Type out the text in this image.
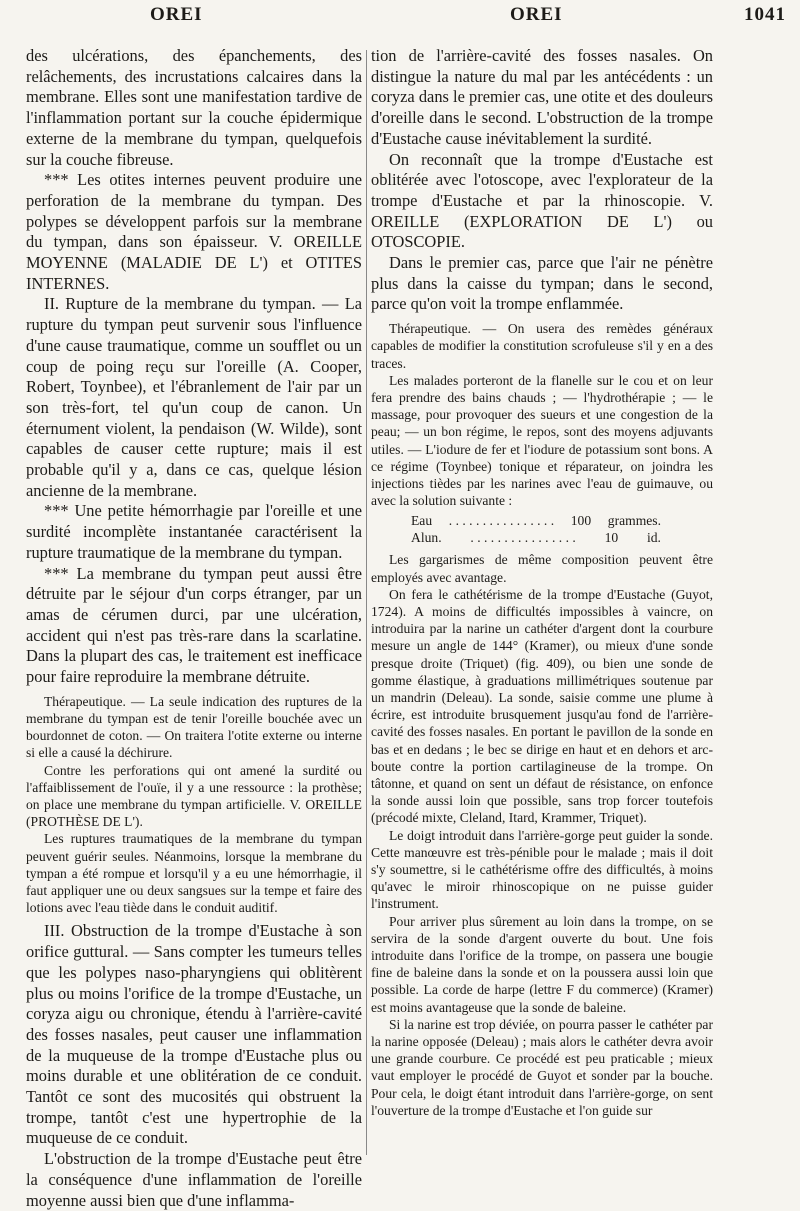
OREI	OREI	1041

des ulcérations, des épanchements, des relâchements, des incrustations calcaires dans la membrane. Elles sont une manifestation tardive de l'inflammation portant sur la couche épidermique externe de la membrane du tympan, quelquefois sur la couche fibreuse.

*** Les otites internes peuvent produire une perforation de la membrane du tympan. Des polypes se développent parfois sur la membrane du tympan, dans son épaisseur. V. OREILLE MOYENNE (MALADIE DE L') et OTITES INTERNES.

II. Rupture de la membrane du tympan. — La rupture du tympan peut survenir sous l'influence d'une cause traumatique, comme un soufflet ou un coup de poing reçu sur l'oreille (A. Cooper, Robert, Toynbee), et l'ébranlement de l'air par un son très-fort, tel qu'un coup de canon. Un éternument violent, la pendaison (W. Wilde), sont capables de causer cette rupture; mais il est probable qu'il y a, dans ce cas, quelque lésion ancienne de la membrane.

*** Une petite hémorrhagie par l'oreille et une surdité incomplète instantanée caractérisent la rupture traumatique de la membrane du tympan.

*** La membrane du tympan peut aussi être détruite par le séjour d'un corps étranger, par un amas de cérumen durci, par une ulcération, accident qui n'est pas très-rare dans la scarlatine. Dans la plupart des cas, le traitement est inefficace pour faire reproduire la membrane détruite.

Thérapeutique. — La seule indication des ruptures de la membrane du tympan est de tenir l'oreille bouchée avec un bourdonnet de coton. — On traitera l'otite externe ou interne si elle a causé la déchirure.

Contre les perforations qui ont amené la surdité ou l'affaiblissement de l'ouïe, il y a une ressource : la prothèse; on place une membrane du tympan artificielle. V. OREILLE (PROTHÈSE DE L').

Les ruptures traumatiques de la membrane du tympan peuvent guérir seules. Néanmoins, lorsque la membrane du tympan a été rompue et lorsqu'il y a eu une hémorrhagie, il faut appliquer une ou deux sangsues sur la tempe et faire des lotions avec l'eau tiède dans le conduit auditif.

III. Obstruction de la trompe d'Eustache à son orifice guttural. — Sans compter les tumeurs telles que les polypes naso-pharyngiens qui oblitèrent plus ou moins l'orifice de la trompe d'Eustache, un coryza aigu ou chronique, étendu à l'arrière-cavité des fosses nasales, peut causer une inflammation de la muqueuse de la trompe d'Eustache plus ou moins durable et une oblitération de ce conduit. Tantôt ce sont des mucosités qui obstruent la trompe, tantôt c'est une hypertrophie de la muqueuse de ce conduit.

L'obstruction de la trompe d'Eustache peut être la conséquence d'une inflammation de l'oreille moyenne aussi bien que d'une inflamma-

tion de l'arrière-cavité des fosses nasales. On distingue la nature du mal par les antécédents : un coryza dans le premier cas, une otite et des douleurs d'oreille dans le second. L'obstruction de la trompe d'Eustache cause inévitablement la surdité.

On reconnaît que la trompe d'Eustache est oblitérée avec l'otoscope, avec l'explorateur de la trompe d'Eustache et par la rhinoscopie. V. OREILLE (EXPLORATION DE L') ou OTOSCOPIE.

Dans le premier cas, parce que l'air ne pénètre plus dans la caisse du tympan; dans le second, parce qu'on voit la trompe enflammée.

Thérapeutique. — On usera des remèdes généraux capables de modifier la constitution scrofuleuse s'il y en a des traces.

Les malades porteront de la flanelle sur le cou et on leur fera prendre des bains chauds ; — l'hydrothérapie ; — le massage, pour provoquer des sueurs et une congestion de la peau; — un bon régime, le repos, sont des moyens adjuvants utiles. — L'iodure de fer et l'iodure de potassium sont bons. A ce régime (Toynbee) tonique et réparateur, on joindra les injections tièdes par les narines avec l'eau de guimauve, ou avec la solution suivante :

Eau . . . . . . . . . . . . . . . . 100 grammes.
Alun. . . . . . . . . . . . . . . . . 10 id.

Les gargarismes de même composition peuvent être employés avec avantage.

On fera le cathétérisme de la trompe d'Eustache (Guyot, 1724). A moins de difficultés impossibles à vaincre, on introduira par la narine un cathéter d'argent dont la courbure mesure un angle de 144° (Kramer), ou mieux d'une sonde presque droite (Triquet) (fig. 409), ou bien une sonde de gomme élastique, à graduations millimétriques soutenue par un mandrin (Deleau). La sonde, saisie comme une plume à écrire, est introduite brusquement jusqu'au fond de l'arrière-cavité des fosses nasales. En portant le pavillon de la sonde en bas et en dedans ; le bec se dirige en haut et en dehors et arc-boute contre la portion cartilagineuse de la trompe. On tâtonne, et quand on sent un défaut de résistance, on enfonce la sonde aussi loin que possible, sans trop forcer toutefois (précodé mixte, Cleland, Itard, Krammer, Triquet).

Le doigt introduit dans l'arrière-gorge peut guider la sonde. Cette manœuvre est très-pénible pour le malade ; mais il doit s'y soumettre, si le cathétérisme offre des difficultés, à moins qu'avec le miroir rhinoscopique on ne puisse guider l'instrument.

Pour arriver plus sûrement au loin dans la trompe, on se servira de la sonde d'argent ouverte du bout. Une fois introduite dans l'orifice de la trompe, on passera une bougie fine de baleine dans la sonde et on la poussera aussi loin que possible. La corde de harpe (lettre F du commerce) (Kramer) est moins avantageuse que la sonde de baleine.

Si la narine est trop déviée, on pourra passer le cathéter par la narine opposée (Deleau) ; mais alors le cathéter devra avoir une grande courbure. Ce procédé est peu praticable ; mieux vaut employer le procédé de Guyot et sonder par la bouche. Pour cela, le doigt étant introduit dans l'arrière-gorge, on sent l'ouverture de la trompe d'Eustache et l'on guide sur
